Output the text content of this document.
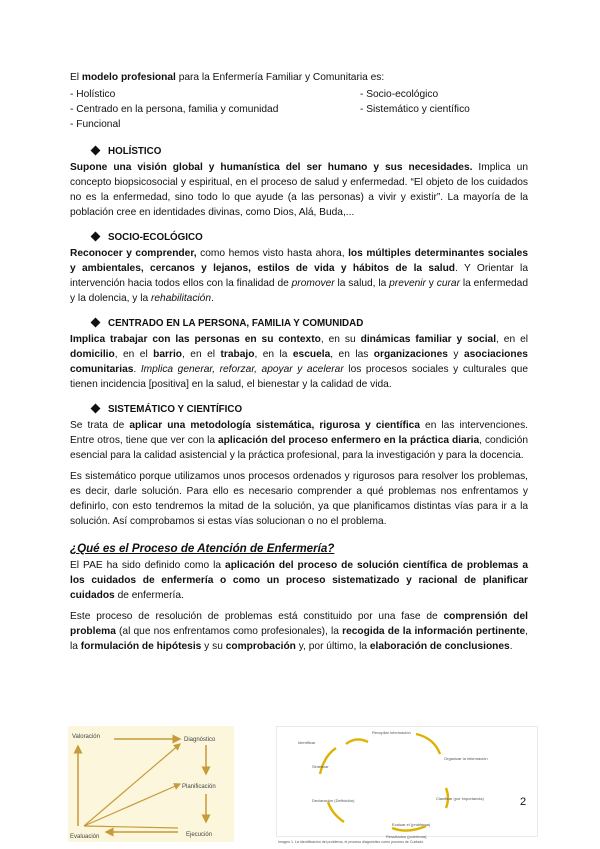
El modelo profesional para la Enfermería Familiar y Comunitaria es:

- Holístico

- Centrado en la persona, familia y comunidad

- Funcional

- Socio-ecológico

- Sistemático y científico

HOLÍSTICO

Supone una visión global y humanística del ser humano y sus necesidades. Implica un concepto biopsicosocial y espiritual, en el proceso de salud y enfermedad. “El objeto de los cuidados no es la enfermedad, sino todo lo que ayude (a las personas) a vivir y existir”. La mayoría de la población cree en identidades divinas, como Dios, Alá, Buda,...

SOCIO-ECOLÓGICO

Reconocer y comprender, como hemos visto hasta ahora, los múltiples determinantes sociales y ambientales, cercanos y lejanos, estilos de vida y hábitos de la salud. Y Orientar la intervención hacia todos ellos con la finalidad de promover la salud, la prevenir y curar la enfermedad y la dolencia, y la rehabilitación.

CENTRADO EN LA PERSONA, FAMILIA Y COMUNIDAD

Implica trabajar con las personas en su contexto, en su dinámicas familiar y social, en el domicilio, en el barrio, en el trabajo, en la escuela, en las organizaciones y asociaciones comunitarias. Implica generar, reforzar, apoyar y acelerar los procesos sociales y culturales que tienen incidencia [positiva] en la salud, el bienestar y la calidad de vida.

SISTEMÁTICO Y CIENTÍFICO

Se trata de aplicar una metodología sistemática, rigurosa y científica en las intervenciones. Entre otros, tiene que ver con la aplicación del proceso enfermero en la práctica diaria, condición esencial para la calidad asistencial y la práctica profesional, para la investigación y para la docencia.

Es sistemático porque utilizamos unos procesos ordenados y rigurosos para resolver los problemas, es decir, darle solución. Para ello es necesario comprender a qué problemas nos enfrentamos y definirlo, con esto tendremos la mitad de la solución, ya que planificamos distintas vías para ir a la solución. Así comprobamos si estas vías solucionan o no el problema.

¿Qué es el Proceso de Atención de Enfermería?

El PAE ha sido definido como la aplicación del proceso de solución científica de problemas a los cuidados de enfermería o como un proceso sistematizado y racional de planificar cuidados de enfermería.

Este proceso de resolución de problemas está constituido por una fase de comprensión del problema (al que nos enfrentamos como profesionales), la recogida de la información pertinente, la formulación de hipótesis y su comprobación y, por último, la elaboración de conclusiones.

Valoración	Diagnóstico
Planificación
Ejecución
Evaluación
Recopilar información
Organizar la información
Identificar
Sintetizar
Clasificar (por importancia)
Evaluar el (problema)
Declaración (Definición)
Resultados (problema)
Imagen 1. La identificación del problema, el proceso diagnóstico como proceso de Cuidado
2
